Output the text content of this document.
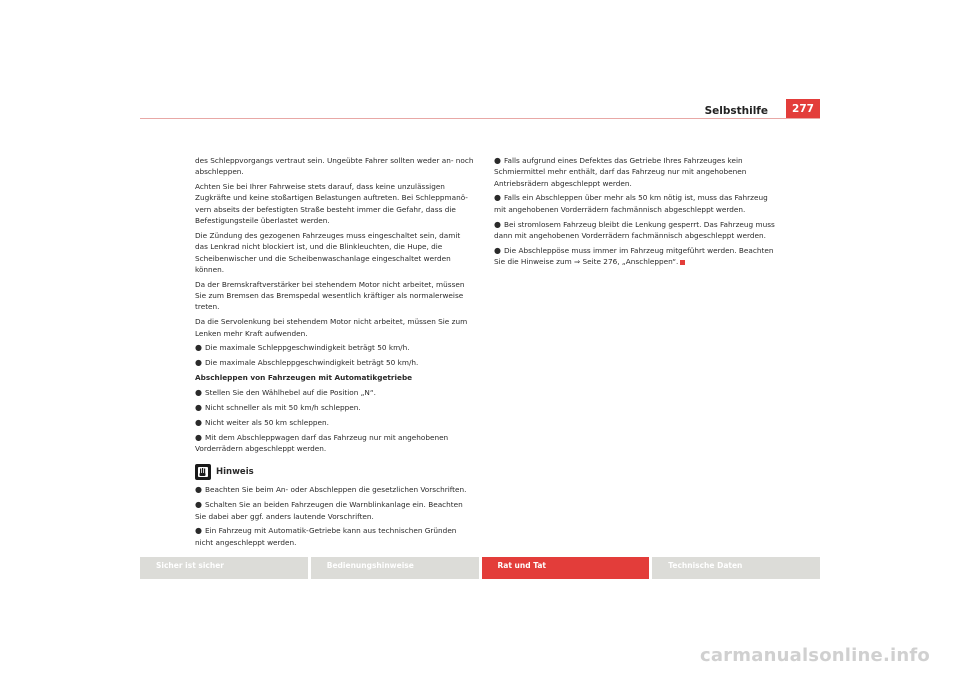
Selbsthilfe	277

des Schleppvorgangs vertraut sein. Ungeübte Fahrer sollten weder an- noch abschleppen.

Achten Sie bei Ihrer Fahrweise stets darauf, dass keine unzulässigen Zugkräfte und keine stoßartigen Belastungen auftreten. Bei Schleppmanövern abseits der befestigten Straße besteht immer die Gefahr, dass die Befestigungsteile überlastet werden.

Die Zündung des gezogenen Fahrzeuges muss eingeschaltet sein, damit das Lenkrad nicht blockiert ist, und die Blinkleuchten, die Hupe, die Scheibenwischer und die Scheibenwaschanlage eingeschaltet werden können.

Da der Bremskraftverstärker bei stehendem Motor nicht arbeitet, müssen Sie zum Bremsen das Bremspedal wesentlich kräftiger als normalerweise treten.

Da die Servolenkung bei stehendem Motor nicht arbeitet, müssen Sie zum Lenken mehr Kraft aufwenden.

● Die maximale Schleppgeschwindigkeit beträgt 50 km/h.

● Die maximale Abschleppgeschwindigkeit beträgt 50 km/h.

Abschleppen von Fahrzeugen mit Automatikgetriebe

● Stellen Sie den Wählhebel auf die Position „N“.

● Nicht schneller als mit 50 km/h schleppen.

● Nicht weiter als 50 km schleppen.

● Mit dem Abschleppwagen darf das Fahrzeug nur mit angehobenen Vorderrädern abgeschleppt werden.

Hinweis

● Beachten Sie beim An- oder Abschleppen die gesetzlichen Vorschriften.

● Schalten Sie an beiden Fahrzeugen die Warnblinkanlage ein. Beachten Sie dabei aber ggf. anders lautende Vorschriften.

● Ein Fahrzeug mit Automatik-Getriebe kann aus technischen Gründen nicht angeschleppt werden.

● Falls aufgrund eines Defektes das Getriebe Ihres Fahrzeuges kein Schmiermittel mehr enthält, darf das Fahrzeug nur mit angehobenen Antriebsrädern abgeschleppt werden.

● Falls ein Abschleppen über mehr als 50 km nötig ist, muss das Fahrzeug mit angehobenen Vorderrädern fachmännisch abgeschleppt werden.

● Bei stromlosem Fahrzeug bleibt die Lenkung gesperrt. Das Fahrzeug muss dann mit angehobenen Vorderrädern fachmännisch abgeschleppt werden.

● Die Abschleppöse muss immer im Fahrzeug mitgeführt werden. Beachten Sie die Hinweise zum ⇒ Seite 276, „Anschleppen“.

Sicher ist sicher	Bedienungshinweise	Rat und Tat	Technische Daten
carmanualsonline.info
